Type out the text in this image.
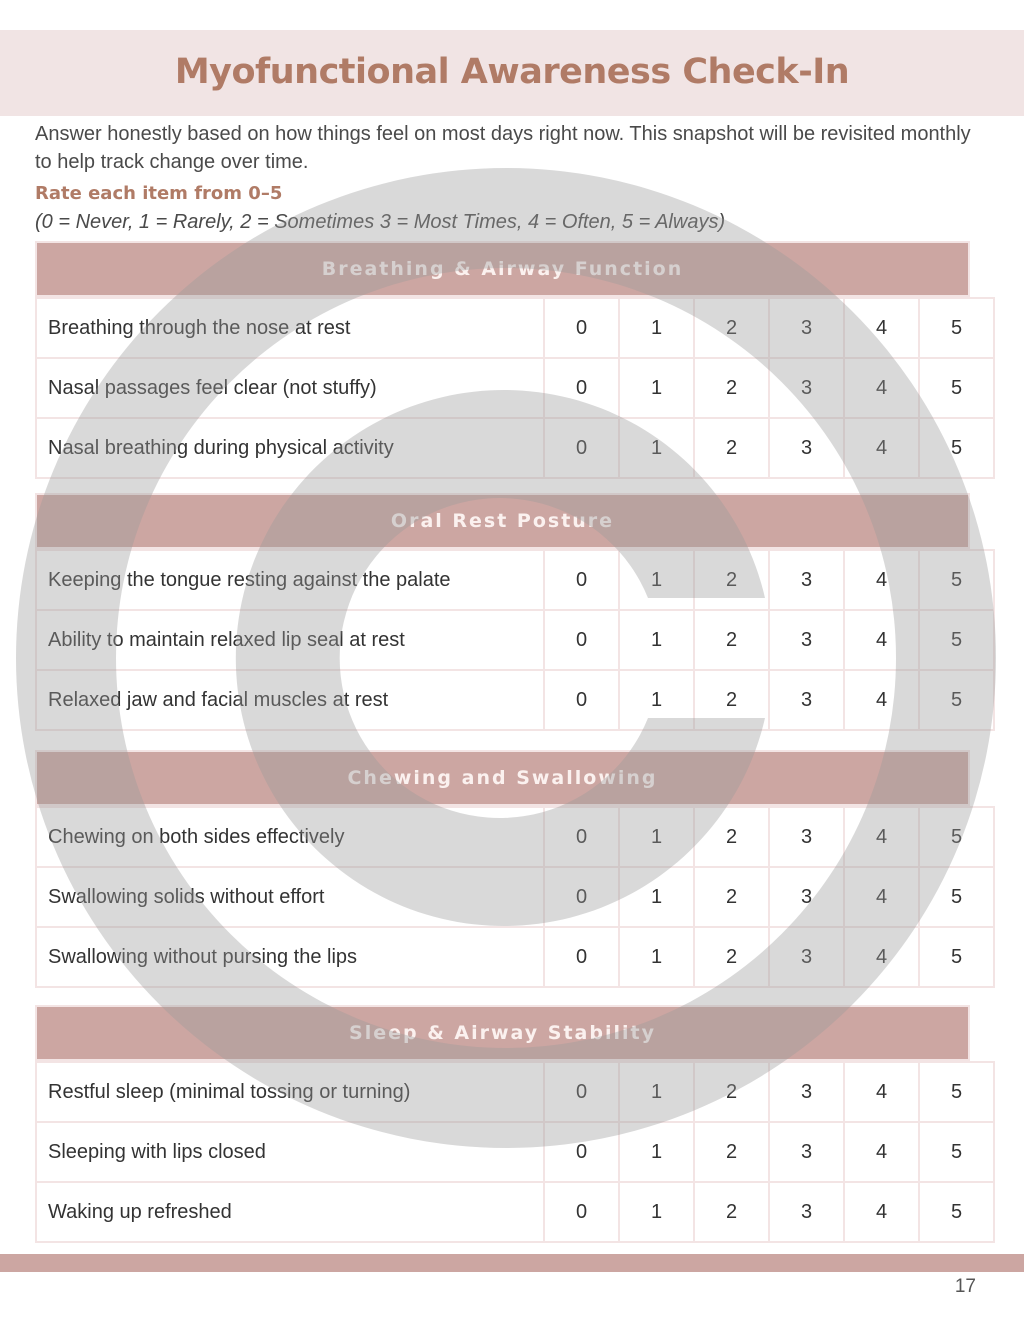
Myofunctional Awareness Check-In
Answer honestly based on how things feel on most days right now. This snapshot will be revisited monthly to help track change over time.
Rate each item from 0–5
(0 = Never, 1 = Rarely, 2 = Sometimes 3 = Most Times, 4 = Often, 5 = Always)
Breathing & Airway Function
Breathing through the nose at rest	0	1	2	3	4	5
Nasal passages feel clear (not stuffy)	0	1	2	3	4	5
Nasal breathing during physical activity	0	1	2	3	4	5
Oral Rest Posture
Keeping the tongue resting against the palate	0	1	2	3	4	5
Ability to maintain relaxed lip seal at rest	0	1	2	3	4	5
Relaxed jaw and facial muscles at rest	0	1	2	3	4	5
Chewing and Swallowing
Chewing on both sides effectively	0	1	2	3	4	5
Swallowing solids without effort	0	1	2	3	4	5
Swallowing without pursing the lips	0	1	2	3	4	5
Sleep & Airway Stability
Restful sleep (minimal tossing or turning)	0	1	2	3	4	5
Sleeping with lips closed	0	1	2	3	4	5
Waking up refreshed	0	1	2	3	4	5
17
